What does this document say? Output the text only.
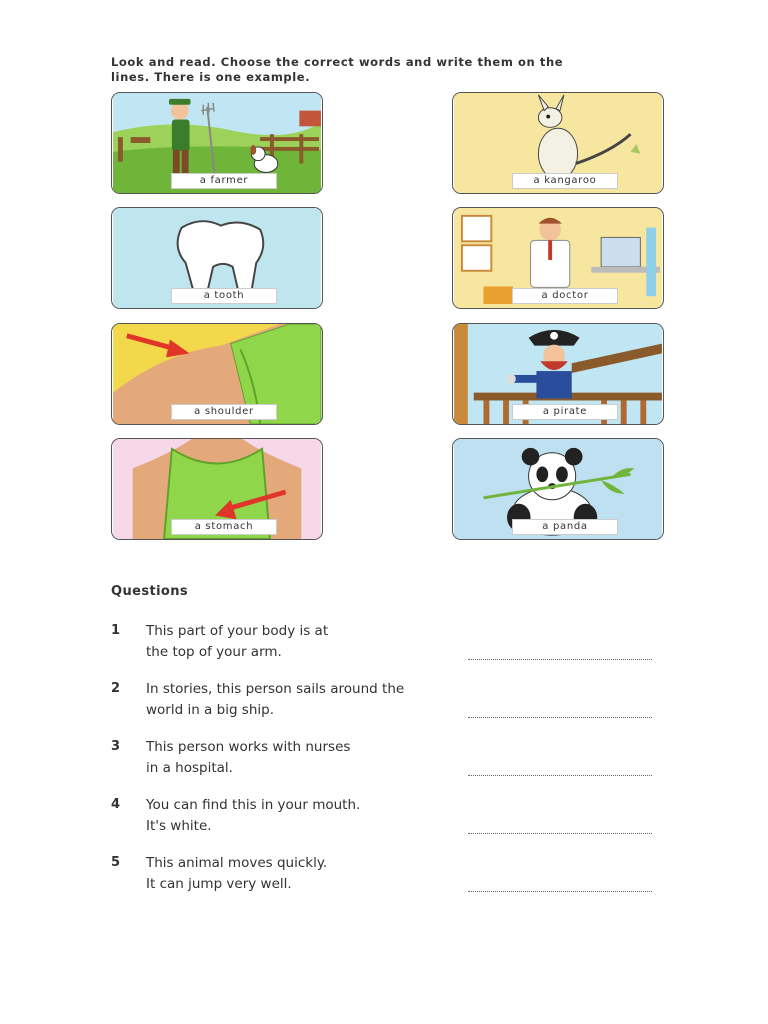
Look and read. Choose the correct words and write them on the
lines. There is one example.
a farmer	a kangaroo
a tooth	a doctor
a shoulder	a pirate
a stomach	a panda
Questions
1 This part of your body is at
the top of your arm.
2 In stories, this person sails around the
world in a big ship.
3 This person works with nurses
in a hospital.
4 You can find this in your mouth.
It's white.
5 This animal moves quickly.
It can jump very well.
